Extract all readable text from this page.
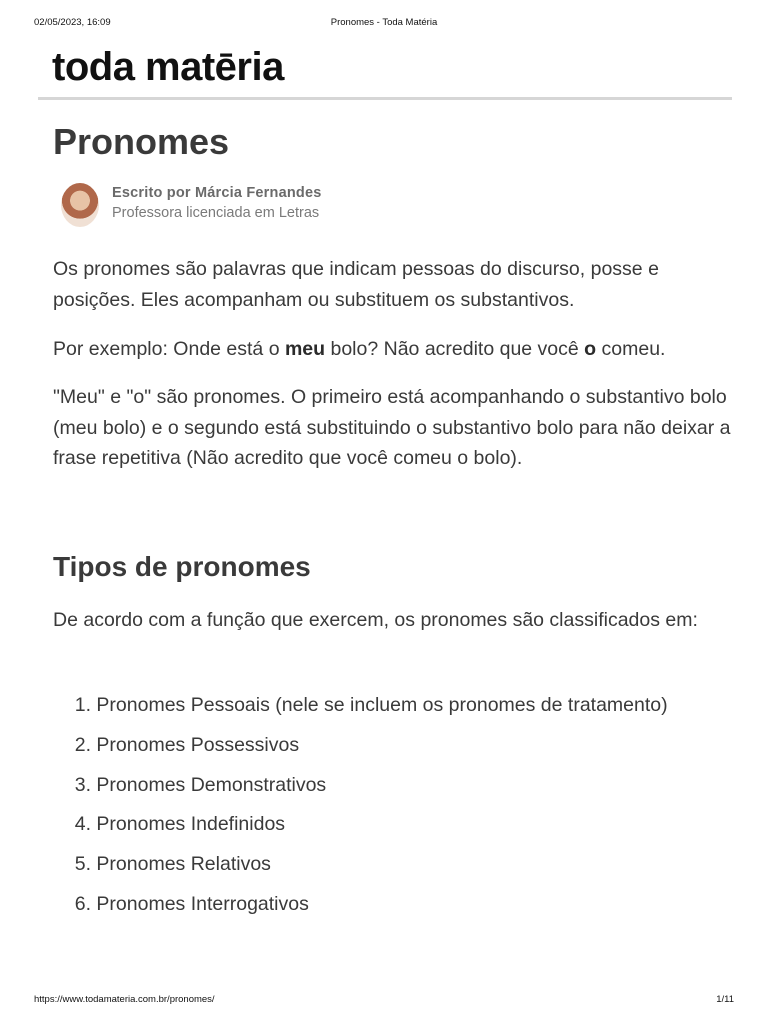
02/05/2023, 16:09	Pronomes - Toda Matéria
toda matēria
Pronomes
Escrito por Márcia Fernandes
Professora licenciada em Letras

Os pronomes são palavras que indicam pessoas do discurso, posse e posições. Eles acompanham ou substituem os substantivos.

Por exemplo: Onde está o meu bolo? Não acredito que você o comeu.

"Meu" e "o" são pronomes. O primeiro está acompanhando o substantivo bolo (meu bolo) e o segundo está substituindo o substantivo bolo para não deixar a frase repetitiva (Não acredito que você comeu o bolo).

Tipos de pronomes

De acordo com a função que exercem, os pronomes são classificados em:

1. Pronomes Pessoais (nele se incluem os pronomes de tratamento)
2. Pronomes Possessivos
3. Pronomes Demonstrativos
4. Pronomes Indefinidos
5. Pronomes Relativos
6. Pronomes Interrogativos
https://www.todamateria.com.br/pronomes/	1/11
